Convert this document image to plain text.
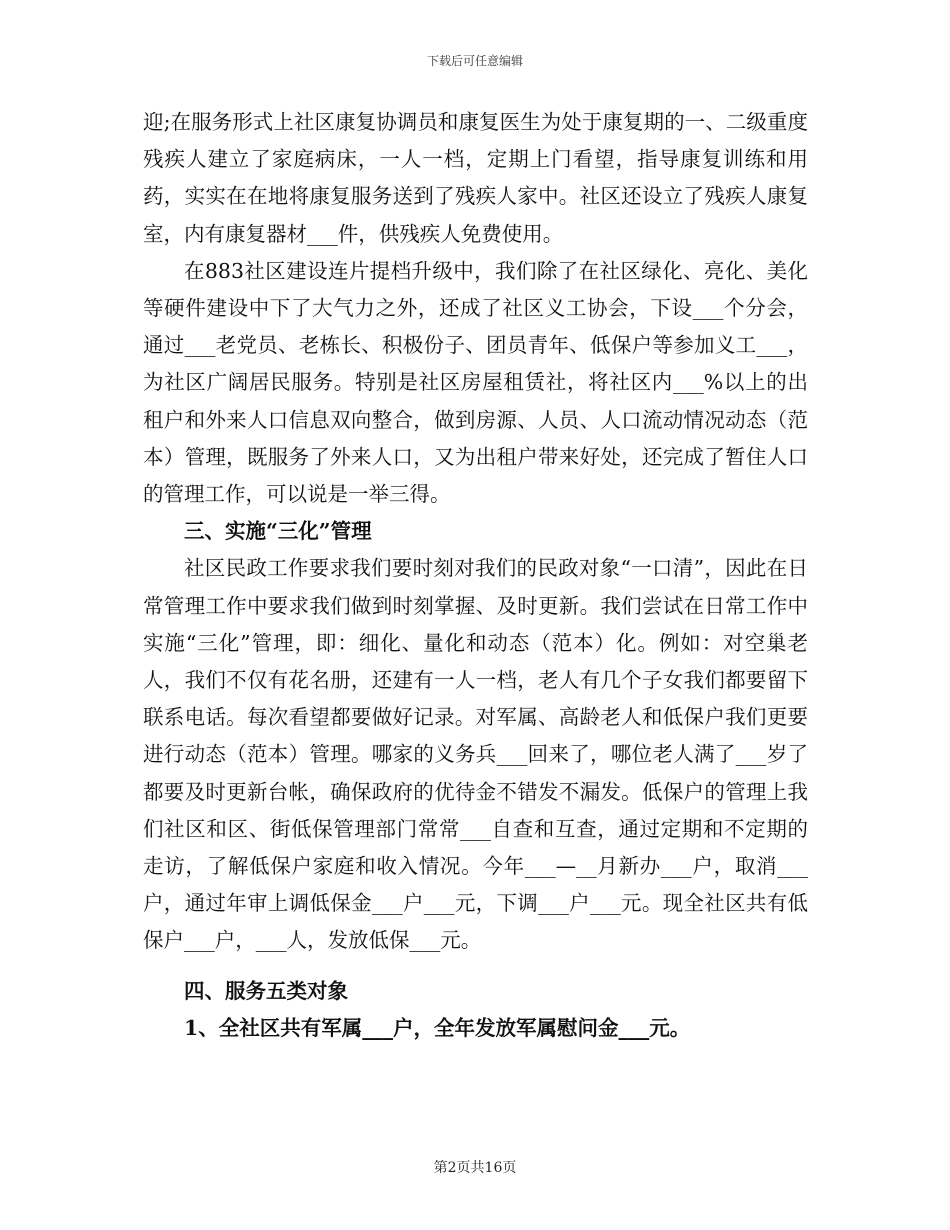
下载后可任意编辑

迎;在服务形式上社区康复协调员和康复医生为处于康复期的一、二级重度残疾人建立了家庭病床，一人一档，定期上门看望，指导康复训练和用药，实实在在地将康复服务送到了残疾人家中。社区还设立了残疾人康复室，内有康复器材___件，供残疾人免费使用。

在883社区建设连片提档升级中，我们除了在社区绿化、亮化、美化等硬件建设中下了大气力之外，还成了社区义工协会，下设___个分会，通过___老党员、老栋长、积极份子、团员青年、低保户等参加义工___，为社区广阔居民服务。特别是社区房屋租赁社，将社区内___%以上的出租户和外来人口信息双向整合，做到房源、人员、人口流动情况动态（范本）管理，既服务了外来人口，又为出租户带来好处，还完成了暂住人口的管理工作，可以说是一举三得。

三、实施“三化”管理

社区民政工作要求我们要时刻对我们的民政对象“一口清”，因此在日常管理工作中要求我们做到时刻掌握、及时更新。我们尝试在日常工作中实施“三化”管理，即：细化、量化和动态（范本）化。例如：对空巢老人，我们不仅有花名册，还建有一人一档，老人有几个子女我们都要留下联系电话。每次看望都要做好记录。对军属、高龄老人和低保户我们更要进行动态（范本）管理。哪家的义务兵___回来了，哪位老人满了___岁了都要及时更新台帐，确保政府的优待金不错发不漏发。低保户的管理上我们社区和区、街低保管理部门常常___自查和互查，通过定期和不定期的走访，了解低保户家庭和收入情况。今年___—__月新办___户，取消___户，通过年审上调低保金___户___元，下调___户___元。现全社区共有低保户___户，___人，发放低保___元。

四、服务五类对象

1、全社区共有军属___户，全年发放军属慰问金___元。

第2页共16页
